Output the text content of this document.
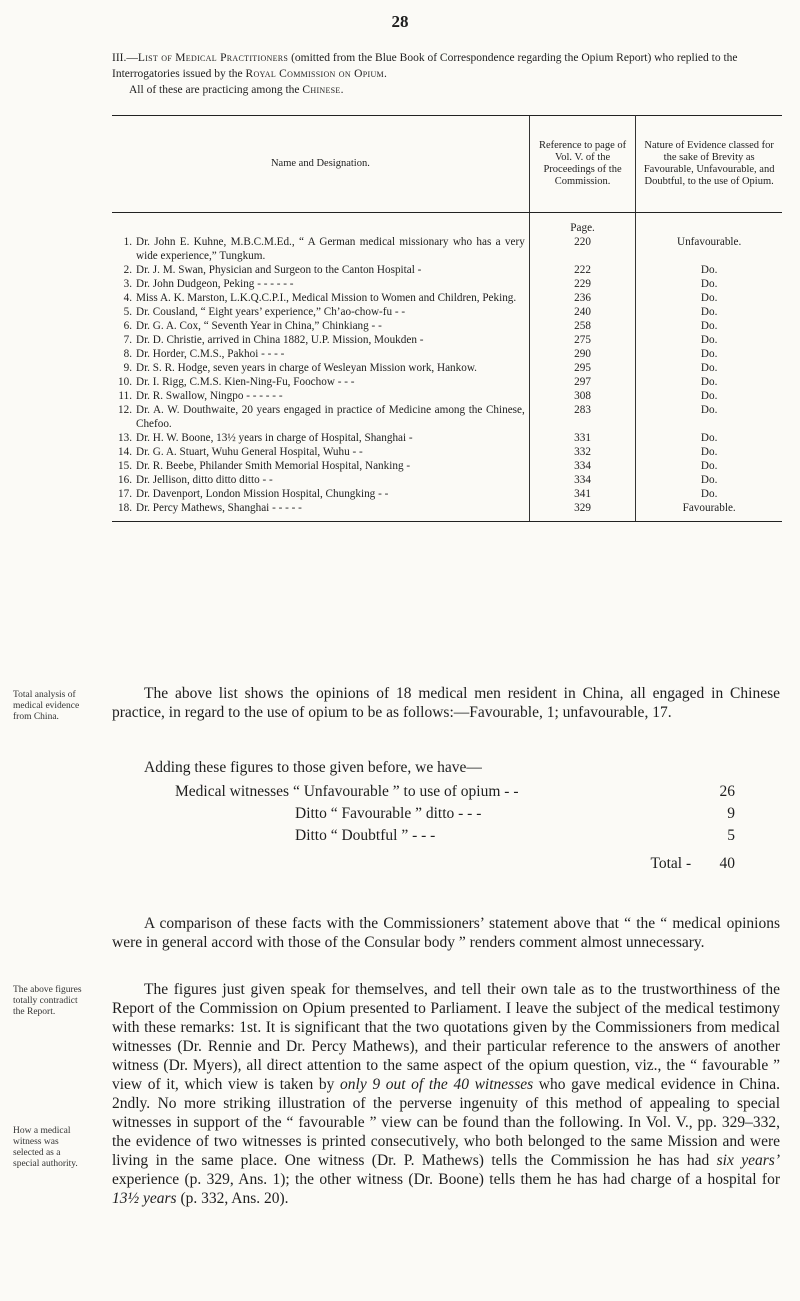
28
III.—List of Medical Practitioners (omitted from the Blue Book of Correspondence regarding the Opium Report) who replied to the Interrogatories issued by the Royal Commission on Opium.
All of these are practicing among the Chinese.
Name and Designation.	Reference to page of Vol. V. of the Proceedings of the Commission.	Nature of Evidence classed for the sake of Brevity as Favourable, Unfavourable, and Doubtful, to the use of Opium.

	Page.	

1. Dr. John E. Kuhne, M.B.C.M.Ed., “ A German medical missionary who has a very wide experience,” Tungkum.	220	Unfavourable.

2. Dr. J. M. Swan, Physician and Surgeon to the Canton Hospital -	222	Do.

3. Dr. John Dudgeon, Peking - - - - - -	229	Do.

4. Miss A. K. Marston, L.K.Q.C.P.I., Medical Mission to Women and Children, Peking.	236	Do.

5. Dr. Cousland, “ Eight years’ experience,” Ch’ao-chow-fu - -	240	Do.

6. Dr. G. A. Cox, “ Seventh Year in China,” Chinkiang - -	258	Do.

7. Dr. D. Christie, arrived in China 1882, U.P. Mission, Moukden -	275	Do.

8. Dr. Horder, C.M.S., Pakhoi - - - -	290	Do.

9. Dr. S. R. Hodge, seven years in charge of Wesleyan Mission work, Hankow.	295	Do.

10. Dr. I. Rigg, C.M.S. Kien-Ning-Fu, Foochow - - -	297	Do.

11. Dr. R. Swallow, Ningpo - - - - - -	308	Do.

12. Dr. A. W. Douthwaite, 20 years engaged in practice of Medicine among the Chinese, Chefoo.	283	Do.

13. Dr. H. W. Boone, 13½ years in charge of Hospital, Shanghai -	331	Do.

14. Dr. G. A. Stuart, Wuhu General Hospital, Wuhu - -	332	Do.

15. Dr. R. Beebe, Philander Smith Memorial Hospital, Nanking -	334	Do.

16. Dr. Jellison, ditto ditto ditto - -	334	Do.

17. Dr. Davenport, London Mission Hospital, Chungking - -	341	Do.

18. Dr. Percy Mathews, Shanghai - - - - -	329	Favourable.

Total analysis of medical evidence from China.

The above list shows the opinions of 18 medical men resident in China, all engaged in Chinese practice, in regard to the use of opium to be as follows:—Favourable, 1; unfavourable, 17.

Adding these figures to those given before, we have—

Medical witnesses “ Unfavourable ” to use of opium - -	26
Ditto “ Favourable ” ditto - - -	9
Ditto “ Doubtful ” - - -	5
Total - 40

A comparison of these facts with the Commissioners’ statement above that “ the “ medical opinions were in general accord with those of the Consular body ” renders comment almost unnecessary.

The above figures totally contradict the Report.
How a medical witness was selected as a special authority.

The figures just given speak for themselves, and tell their own tale as to the trustworthiness of the Report of the Commission on Opium presented to Parliament. I leave the subject of the medical testimony with these remarks: 1st. It is significant that the two quotations given by the Commissioners from medical witnesses (Dr. Rennie and Dr. Percy Mathews), and their particular reference to the answers of another witness (Dr. Myers), all direct attention to the same aspect of the opium question, viz., the “ favourable ” view of it, which view is taken by only 9 out of the 40 witnesses who gave medical evidence in China. 2ndly. No more striking illustration of the perverse ingenuity of this method of appealing to special witnesses in support of the “ favourable ” view can be found than the following. In Vol. V., pp. 329–332, the evidence of two witnesses is printed consecutively, who both belonged to the same Mission and were living in the same place. One witness (Dr. P. Mathews) tells the Commission he has had six years’ experience (p. 329, Ans. 1); the other witness (Dr. Boone) tells them he has had charge of a hospital for 13½ years (p. 332, Ans. 20).
